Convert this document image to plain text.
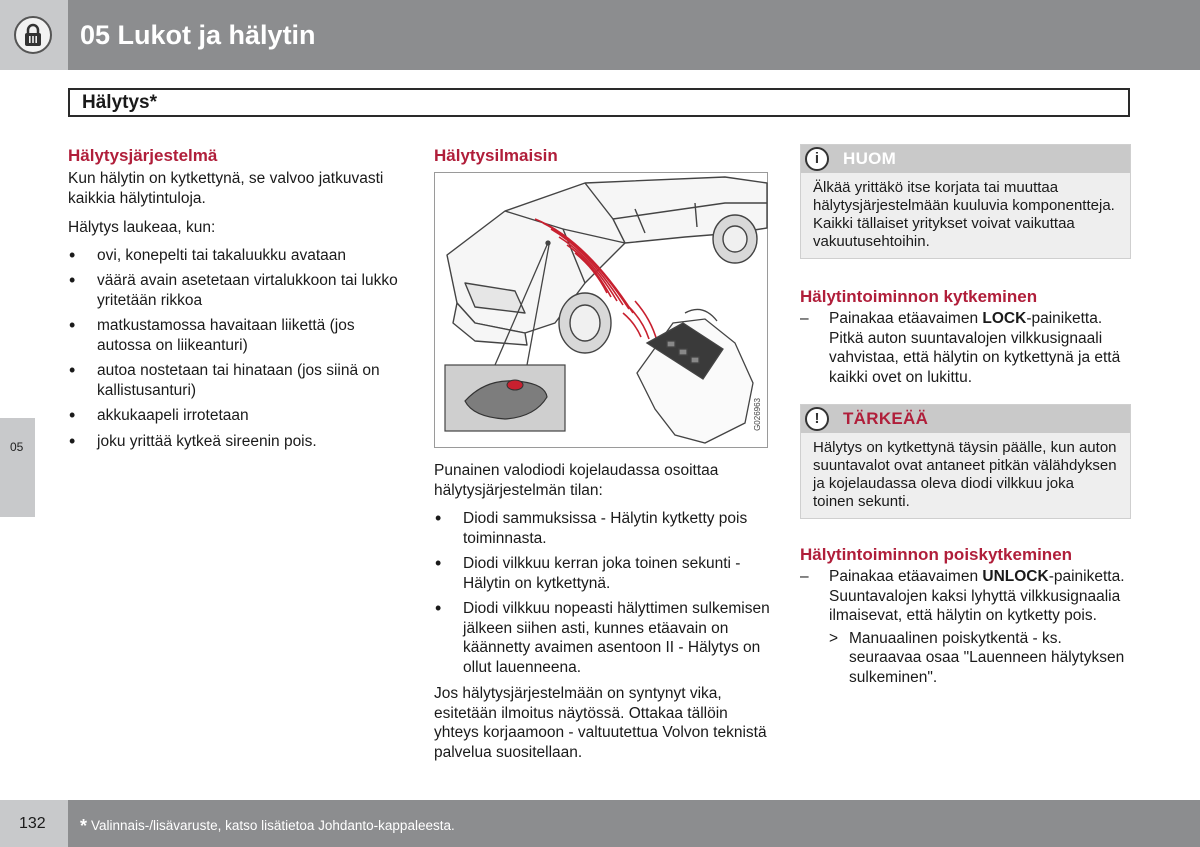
05 Lukot ja hälytin
Hälytys*
05
Hälytysjärjestelmä

Kun hälytin on kytkettynä, se valvoo jatkuvasti kaikkia hälytintuloja.

Hälytys laukeaa, kun:

• ovi, konepelti tai takaluukku avataan
• väärä avain asetetaan virtalukkoon tai lukko yritetään rikkoa
• matkustamossa havaitaan liikettä (jos autossa on liikeanturi)
• autoa nostetaan tai hinataan (jos siinä on kallistusanturi)
• akkukaapeli irrotetaan
• joku yrittää kytkeä sireenin pois.
Hälytysilmaisin
G026963

Punainen valodiodi kojelaudassa osoittaa hälytysjärjestelmän tilan:

• Diodi sammuksissa - Hälytin kytketty pois toiminnasta.
• Diodi vilkkuu kerran joka toinen sekunti - Hälytin on kytkettynä.
• Diodi vilkkuu nopeasti hälyttimen sulkemisen jälkeen siihen asti, kunnes etäavain on käännetty avaimen asentoon II - Hälytys on ollut lauenneena.

Jos hälytysjärjestelmään on syntynyt vika, esitetään ilmoitus näytössä. Ottakaa tällöin yhteys korjaamoon - valtuutettua Volvon teknistä palvelua suositellaan.

i	HUOM
Älkää yrittäkö itse korjata tai muuttaa hälytysjärjestelmään kuuluvia komponentteja. Kaikki tällaiset yritykset voivat vaikuttaa vakuutusehtoihin.
Hälytintoiminnon kytkeminen
– Painakaa etäavaimen LOCK-painiketta. Pitkä auton suuntavalojen vilkkusignaali vahvistaa, että hälytin on kytkettynä ja että kaikki ovet on lukittu.
!	TÄRKEÄÄ
Hälytys on kytkettynä täysin päälle, kun auton suuntavalot ovat antaneet pitkän välähdyksen ja kojelaudassa oleva diodi vilkkuu joka toinen sekunti.
Hälytintoiminnon poiskytkeminen
– Painakaa etäavaimen UNLOCK-painiketta. Suuntavalojen kaksi lyhyttä vilkkusignaalia ilmaisevat, että hälytin on kytketty pois.
> Manuaalinen poiskytkentä - ks. seuraavaa osaa "Lauenneen hälytyksen sulkeminen".
132 * Valinnais-/lisävaruste, katso lisätietoa Johdanto-kappaleesta.
